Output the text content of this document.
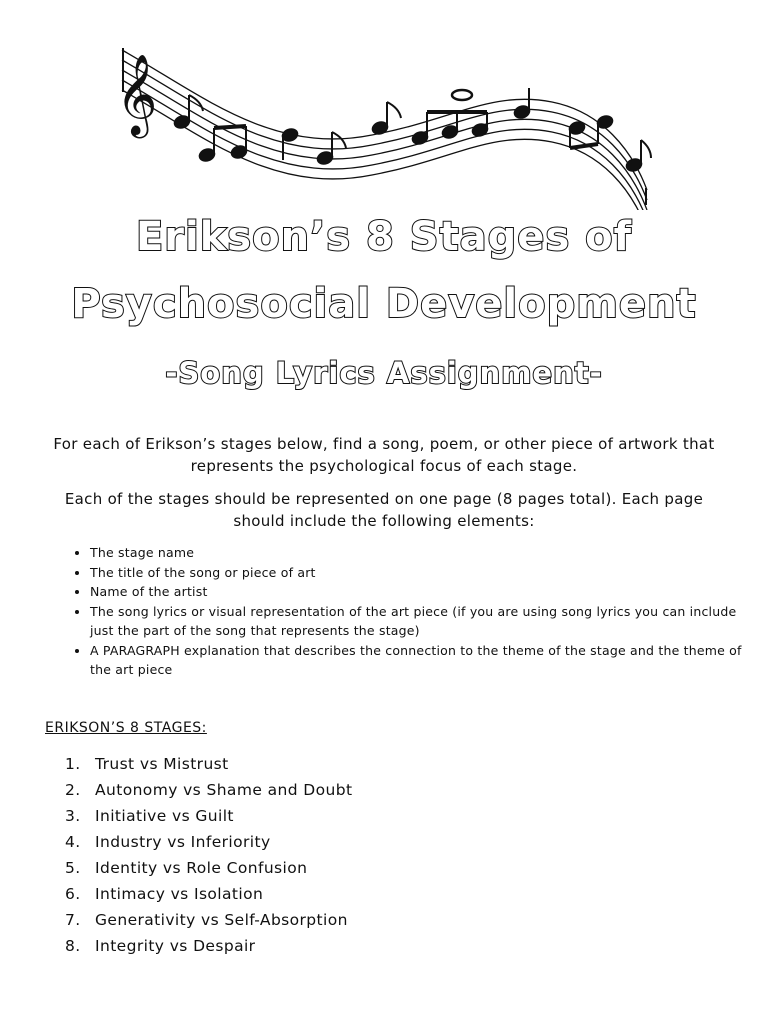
𝄞
Erikson’s 8 Stages of
Psychosocial Development
-Song Lyrics Assignment-
For each of Erikson’s stages below, find a song, poem, or other piece of artwork that represents the psychological focus of each stage.
Each of the stages should be represented on one page (8 pages total). Each page should include the following elements:
• The stage name
• The title of the song or piece of art
• Name of the artist
• The song lyrics or visual representation of the art piece (if you are using song lyrics you can include just the part of the song that represents the stage)
• A PARAGRAPH explanation that describes the connection to the theme of the stage and the theme of the art piece
ERIKSON’S 8 STAGES:
1. Trust vs Mistrust
2. Autonomy vs Shame and Doubt
3. Initiative vs Guilt
4. Industry vs Inferiority
5. Identity vs Role Confusion
6. Intimacy vs Isolation
7. Generativity vs Self-Absorption
8. Integrity vs Despair
